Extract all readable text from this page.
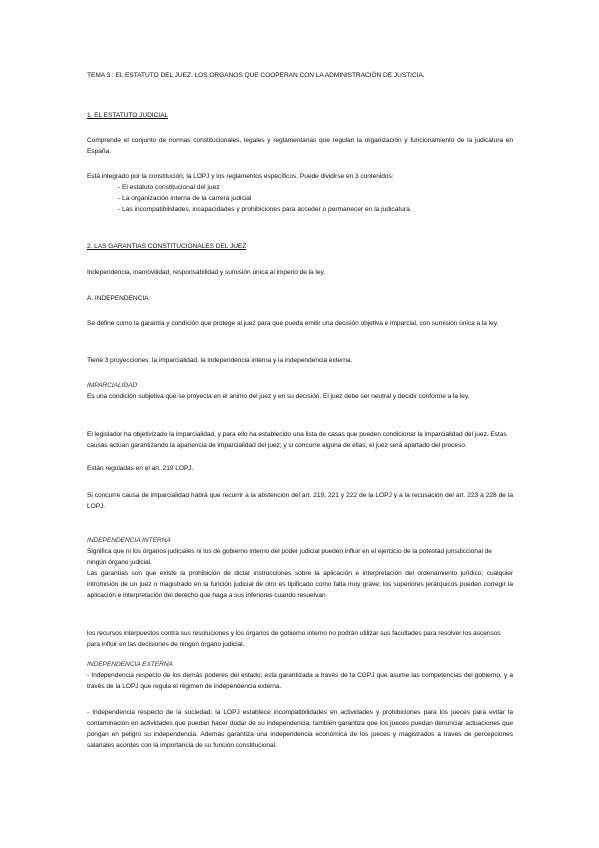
TEMA 3 : EL ESTATUTO DEL JUEZ. LOS ORGANOS QUE COOPERAN CON LA ADMINISTRACIÓN DE JUSTICIA.
1. EL ESTATUTO JUDICIAL
Comprende el conjunto de normas constitucionales, legales y reglamentarias que regulan la organización y funcionamiento de la judicatura en España.
Está integrado por la constitución, la LOPJ y los reglamentos específicos. Puede dividirse en 3 contenidos:
- El estatuto constitucional del juez
- La organización interna de la carrera judicial
- Las incompatibilidades, incapacidades y prohibiciones para acceder o permanecer en la judicatura.
2. LAS GARANTIAS CONSTITUCIONALES DEL JUEZ
Independencia, inamovilidad, responsabilidad y sumisión única al imperio de la ley.
A. INDEPENDENCIA
Se define como la garantía y condición que protege al juez para que pueda emitir una decisión objetiva e imparcial, con sumisión única a la ley.
Tiene 3 proyecciones: la imparcialidad, la independencia interna y la independencia externa.
IMPARCIALIDAD
Es una condición subjetiva que se proyecta en el animo del juez y en su decisión. El juez debe ser neutral y decidir conforme a la ley.
El legislador ha objetivizado la imparcialidad, y para ello ha establecido una lista de casas que pueden condicionar la imparcialidad del juez. Estas causas actúan garantizando la apariencia de imparcialidad del juez; y si concurre alguna de ellas, el juez será apartado del proceso.
Están reguladas en el art. 219 LOPJ.
Si concurre causa de imparcialidad habrá que recurrir a la abstención del art. 219, 221 y 222 de la LOPJ y a la recusación del art. 223 a 228 de la LOPJ.
INDEPENDENCIA INTERNA
Significa que ni los órganos judiciales ni los de gobierno interno del poder judicial pueden influir en el ejercicio de la potestad jurisdiccional de ningún órgano judicial.
Las garantías son que existe la prohibición de dictar instrucciones sobre la aplicación e interpretación del ordenamiento jurídico; cualquier intromisión de un juez o magistrado en la función judicial de otro es tipificado como falta muy grave; los superiores jerárquicos pueden corregir la aplicación e interpretación del derecho que haga a sus inferiores cuando resuelvan
los recursos interpuestos contra sus resoluciones y los órganos de gobierno interno no podrán utilizar sus facultades para resolver los ascensos para influir en las decisiones de ningún órgano judicial.
INDEPENDENCIA EXTERNA
- Independencia respecto de los demás poderes del estado; esta garantizada a través de la CGPJ que asume las competencias del gobierno, y a través de la LOPJ que regula el régimen de independencia externa.
- Independencia respecto de la sociedad; la LOPJ establece incompatibilidades en actividades y prohibiciones para los jueces para evitar la contaminación en actividades que puedan hacer dudar de su independencia, también garantiza que los jueces puedan denunciar actuaciones que pongan en peligro su independencia. Además garantiza una independencia económica de los jueces y magistrados a traves de percepciones salariales acordes con la importancia de su función constitucional.
